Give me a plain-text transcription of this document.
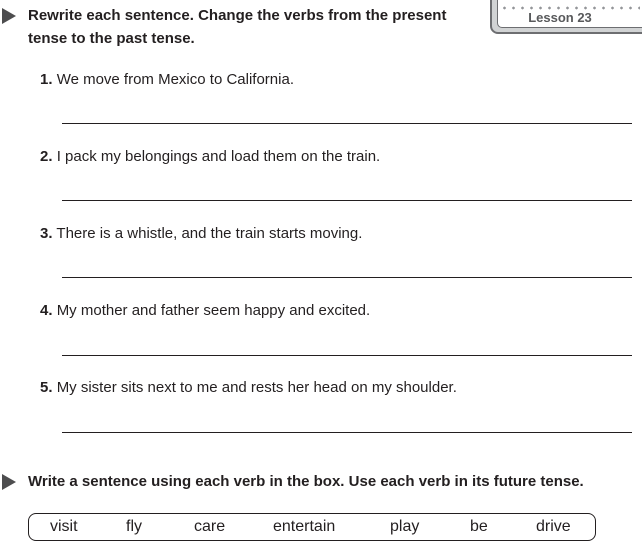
Lesson 23

Rewrite each sentence. Change the verbs from the present

tense to the past tense.

1. We move from Mexico to California.
2. I pack my belongings and load them on the train.
3. There is a whistle, and the train starts moving.
4. My mother and father seem happy and excited.
5. My sister sits next to me and rests her head on my shoulder.

Write a sentence using each verb in the box. Use each verb in its future tense.

visit	fly	care	entertain	play	be	drive
